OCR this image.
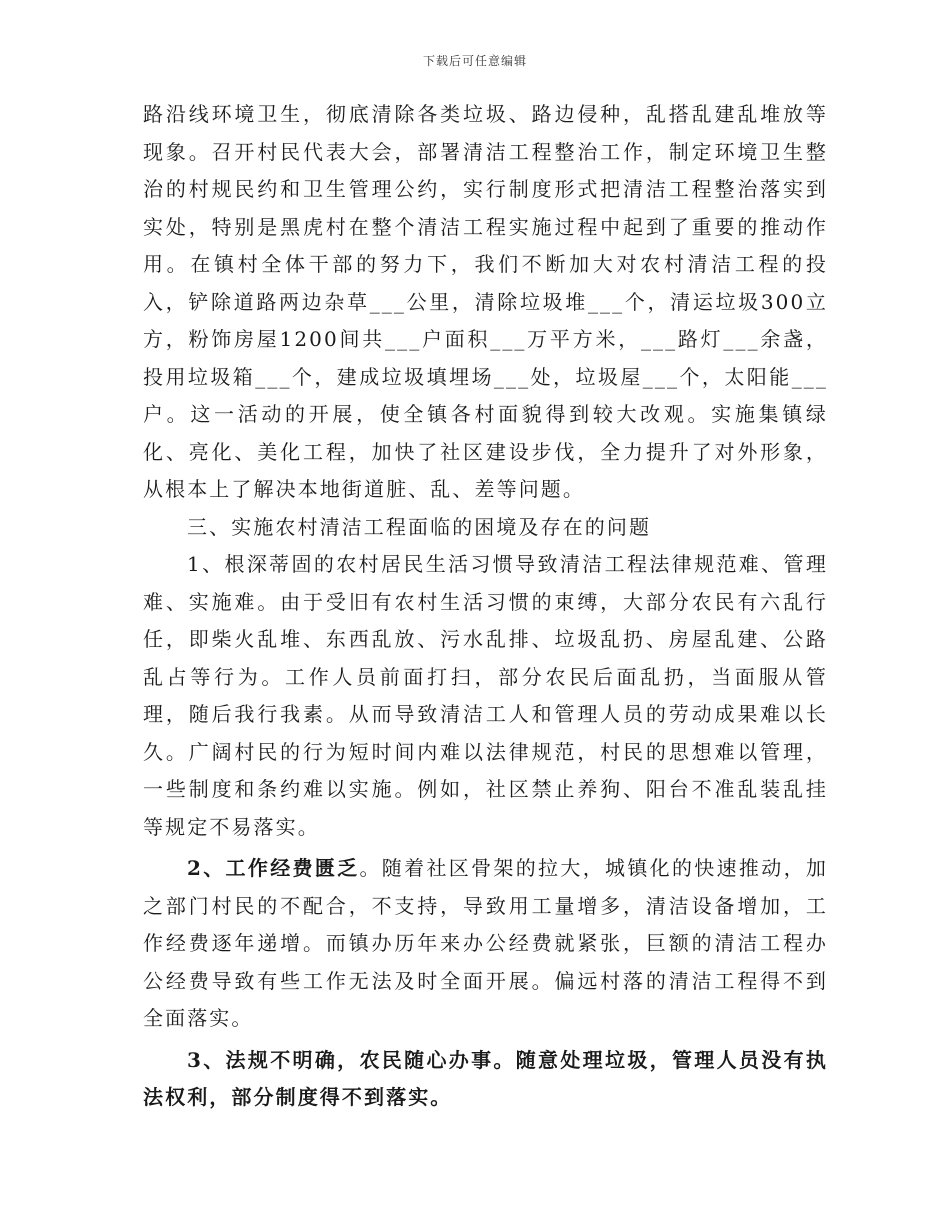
下载后可任意编辑

路沿线环境卫生，彻底清除各类垃圾、路边侵种，乱搭乱建乱堆放等现象。召开村民代表大会，部署清洁工程整治工作，制定环境卫生整治的村规民约和卫生管理公约，实行制度形式把清洁工程整治落实到实处，特别是黑虎村在整个清洁工程实施过程中起到了重要的推动作用。在镇村全体干部的努力下，我们不断加大对农村清洁工程的投入，铲除道路两边杂草___公里，清除垃圾堆___个，清运垃圾300立方，粉饰房屋1200间共___户面积___万平方米，___路灯___余盏，投用垃圾箱___个，建成垃圾填埋场___处，垃圾屋___个，太阳能___户。这一活动的开展，使全镇各村面貌得到较大改观。实施集镇绿化、亮化、美化工程，加快了社区建设步伐，全力提升了对外形象，从根本上了解决本地街道脏、乱、差等问题。

三、实施农村清洁工程面临的困境及存在的问题

1、根深蒂固的农村居民生活习惯导致清洁工程法律规范难、管理难、实施难。由于受旧有农村生活习惯的束缚，大部分农民有六乱行任，即柴火乱堆、东西乱放、污水乱排、垃圾乱扔、房屋乱建、公路乱占等行为。工作人员前面打扫，部分农民后面乱扔，当面服从管理，随后我行我素。从而导致清洁工人和管理人员的劳动成果难以长久。广阔村民的行为短时间内难以法律规范，村民的思想难以管理，一些制度和条约难以实施。例如，社区禁止养狗、阳台不准乱装乱挂等规定不易落实。

2、工作经费匮乏。随着社区骨架的拉大，城镇化的快速推动，加之部门村民的不配合，不支持，导致用工量增多，清洁设备增加，工作经费逐年递增。而镇办历年来办公经费就紧张，巨额的清洁工程办公经费导致有些工作无法及时全面开展。偏远村落的清洁工程得不到全面落实。

3、法规不明确，农民随心办事。随意处理垃圾，管理人员没有执法权利，部分制度得不到落实。
